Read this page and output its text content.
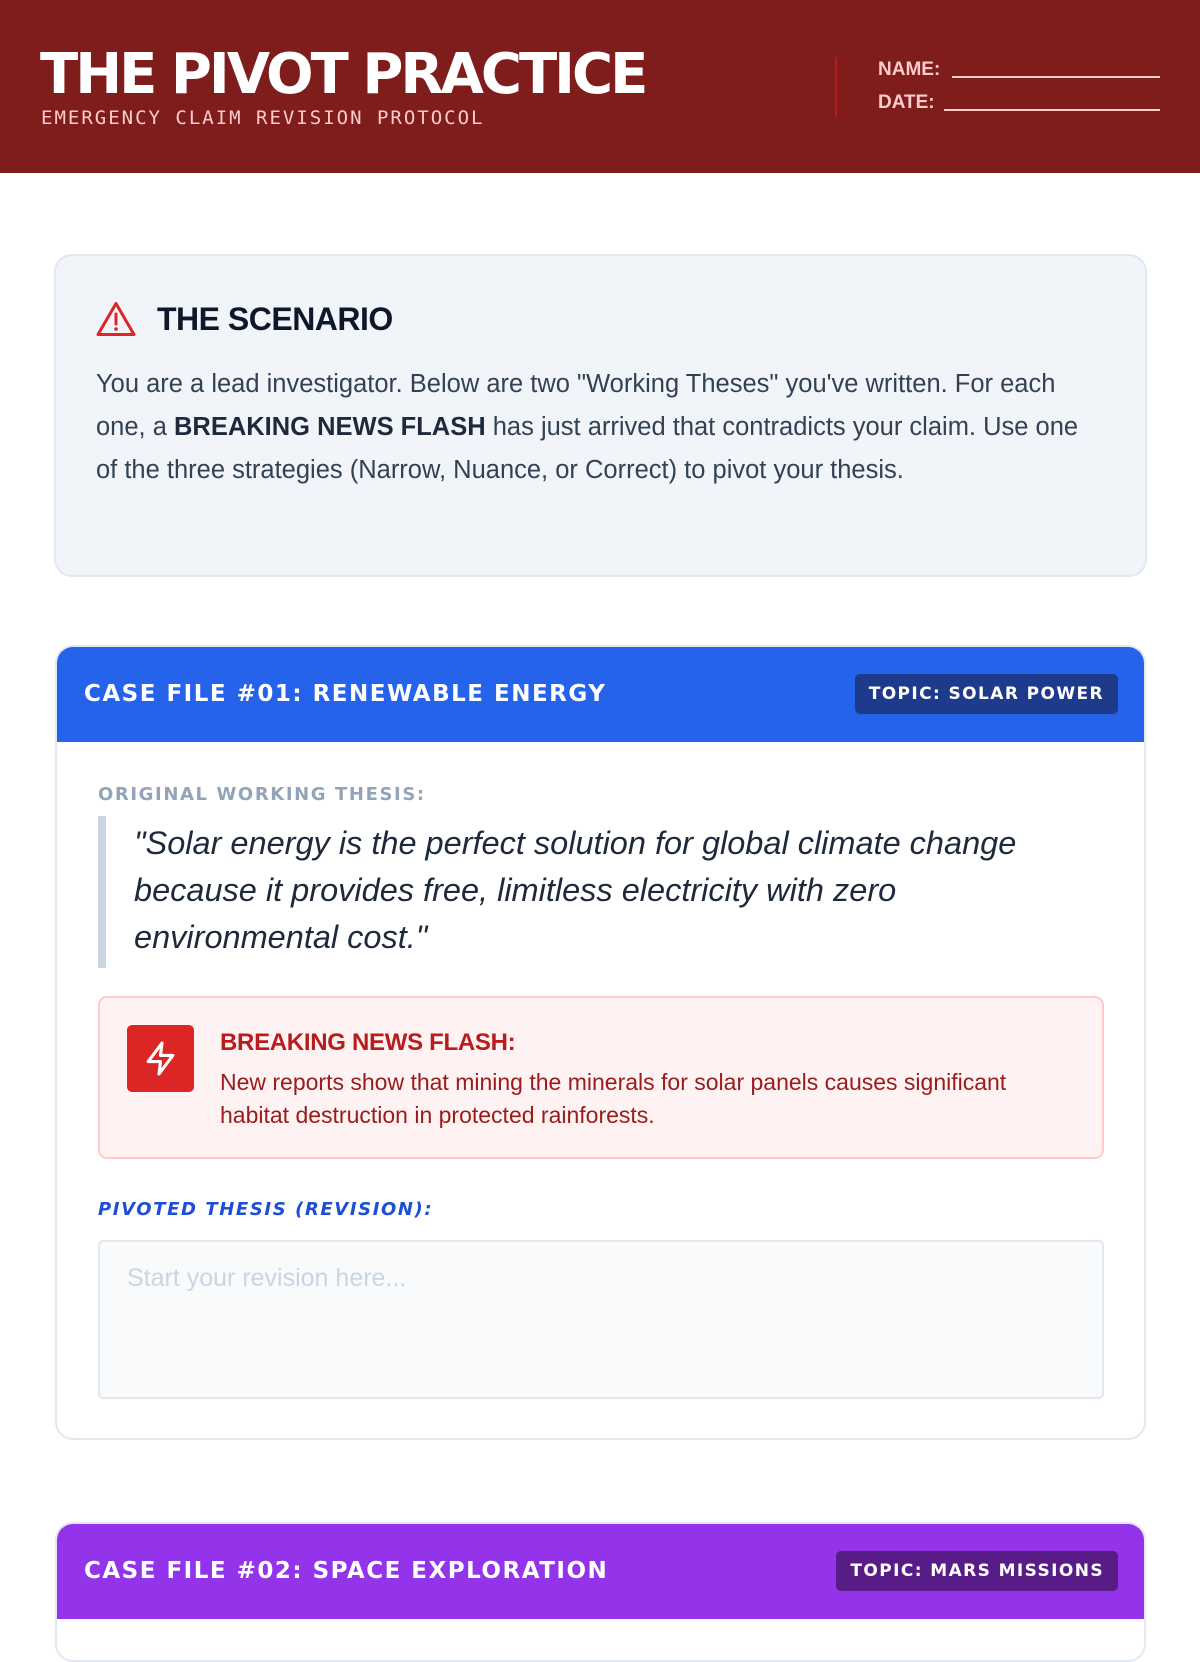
THE PIVOT PRACTICE
EMERGENCY CLAIM REVISION PROTOCOL
NAME:
DATE:
THE SCENARIO
You are a lead investigator. Below are two "Working Theses" you've written. For each one, a BREAKING NEWS FLASH has just arrived that contradicts your claim. Use one of the three strategies (Narrow, Nuance, or Correct) to pivot your thesis.
CASE FILE #01: RENEWABLE ENERGY	TOPIC: SOLAR POWER
ORIGINAL WORKING THESIS:
"Solar energy is the perfect solution for global climate change because it provides free, limitless electricity with zero environmental cost."
BREAKING NEWS FLASH:
New reports show that mining the minerals for solar panels causes significant habitat destruction in protected rainforests.
PIVOTED THESIS (REVISION):
Start your revision here...
CASE FILE #02: SPACE EXPLORATION	TOPIC: MARS MISSIONS
